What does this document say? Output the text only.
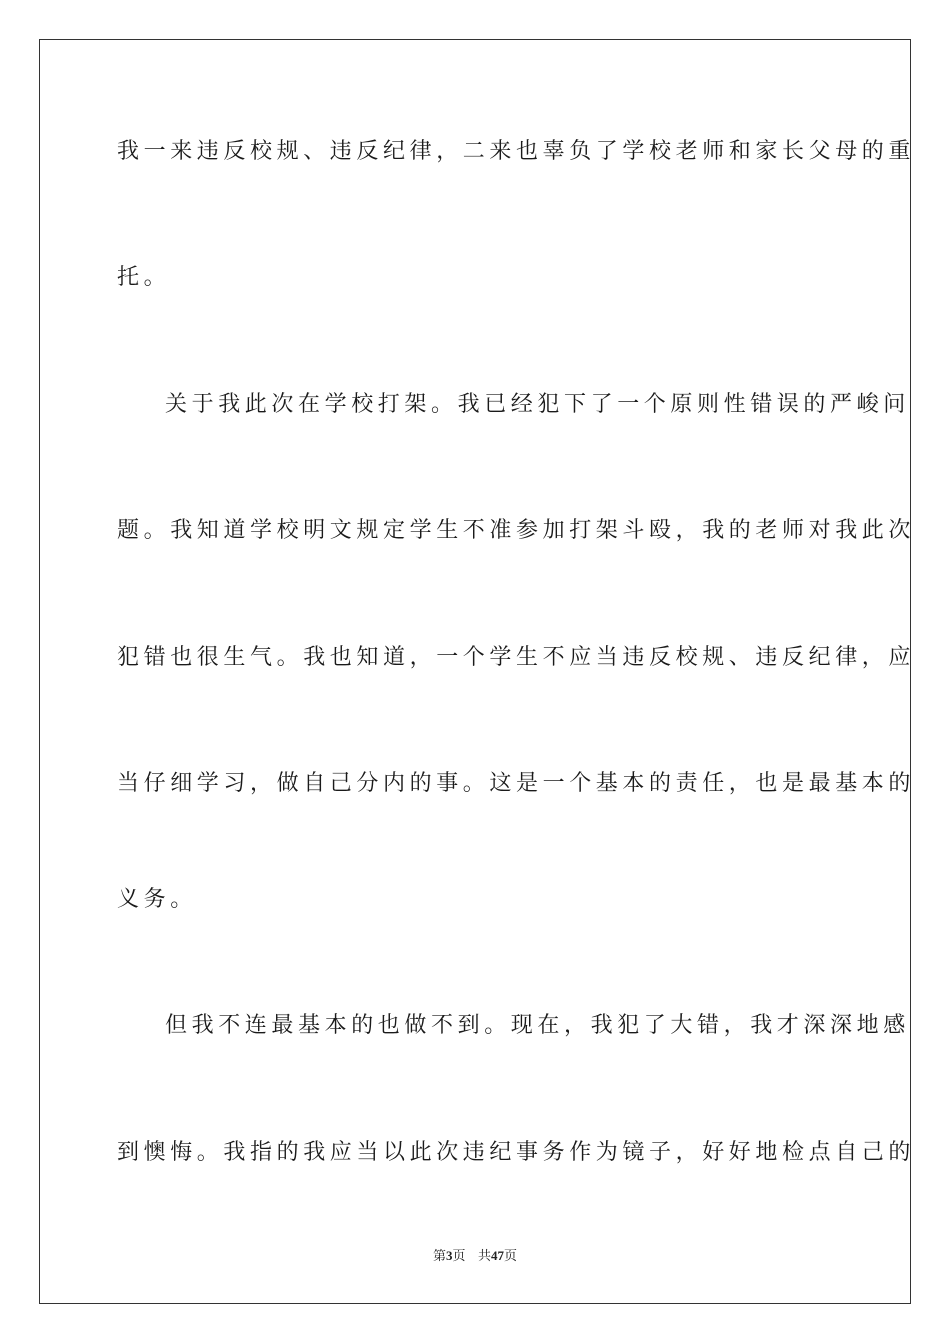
我一来违反校规、违反纪律，二来也辜负了学校老师和家长父母的重

托。

关于我此次在学校打架。我已经犯下了一个原则性错误的严峻问

题。我知道学校明文规定学生不准参加打架斗殴，我的老师对我此次

犯错也很生气。我也知道，一个学生不应当违反校规、违反纪律，应

当仔细学习，做自己分内的事。这是一个基本的责任，也是最基本的

义务。

但我不连最基本的也做不到。现在，我犯了大错，我才深深地感

到懊悔。我指的我应当以此次违纪事务作为镜子，好好地检点自己的

第3页 共47页
